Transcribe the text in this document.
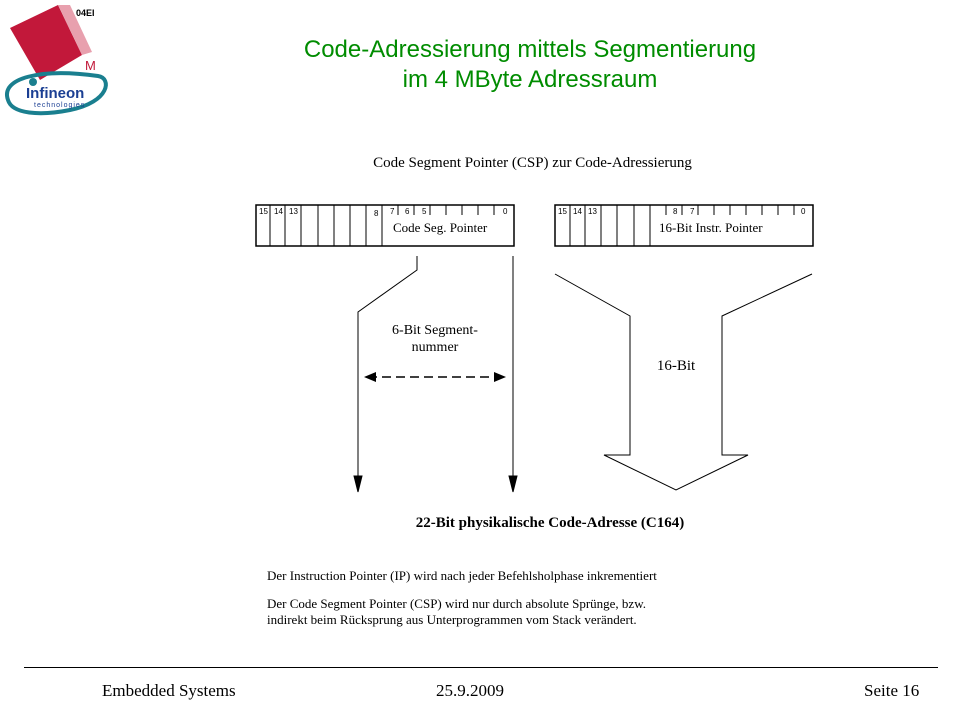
04EI
M
Infineon
technologies
Code-Adressierung mittels Segmentierung
im 4 MByte Adressraum
Code Segment Pointer (CSP) zur Code-Adressierung
15 14 13	8 7 6 5	0	15 14 13	8 7	0
Code Seg. Pointer	16-Bit Instr. Pointer
6-Bit Segment-
nummer
16-Bit
22-Bit physikalische Code-Adresse (C164)
Der Instruction Pointer (IP) wird nach jeder Befehlsholphase inkrementiert
Der Code Segment Pointer (CSP) wird nur durch absolute Sprünge, bzw.
indirekt beim Rücksprung aus Unterprogrammen vom Stack verändert.
Embedded Systems	25.9.2009	Seite 16
